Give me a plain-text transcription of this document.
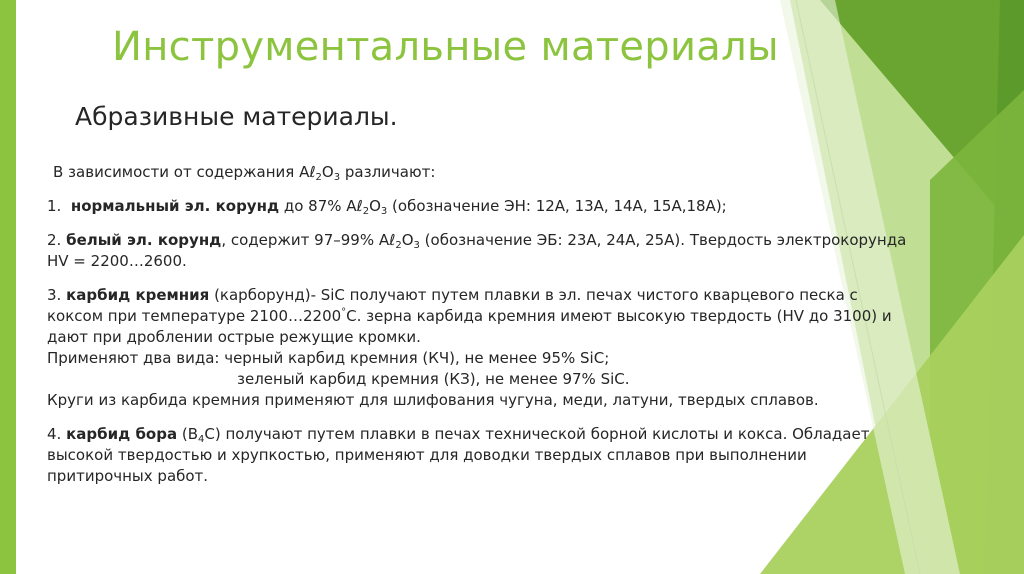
Инструментальные материалы
Абразивные материалы.

В зависимости от содержания $A\ell_2O_3$ различают:

1.  нормальный эл. корунд до 87% $A\ell_2O_3$ (обозначение ЭН: 12А, 13А, 14А, 15А,18А);

2. белый эл. корунд, содержит 97–99% $A\ell_2O_3$ (обозначение ЭБ: 23А, 24А, 25А). Твердость электрокорунда

HV = 2200…2600.

3. карбид кремния (карборунд)- SiC получают путем плавки в эл. печах чистого кварцевого песка с

коксом при температуре 2100…2200°С. зерна карбида кремния имеют высокую твердость (HV до 3100) и

дают при дроблении острые режущие кромки.

Применяют два вида: черный карбид кремния (КЧ), не менее 95% SiC;

зеленый карбид кремния (КЗ), не менее 97% SiC.

Круги из карбида кремния применяют для шлифования чугуна, меди, латуни, твердых сплавов.

4. карбид бора $(B_4C)$ получают путем плавки в печах технической борной кислоты и кокса. Обладает

высокой твердостью и хрупкостью, применяют для доводки твердых сплавов при выполнении

притирочных работ.
